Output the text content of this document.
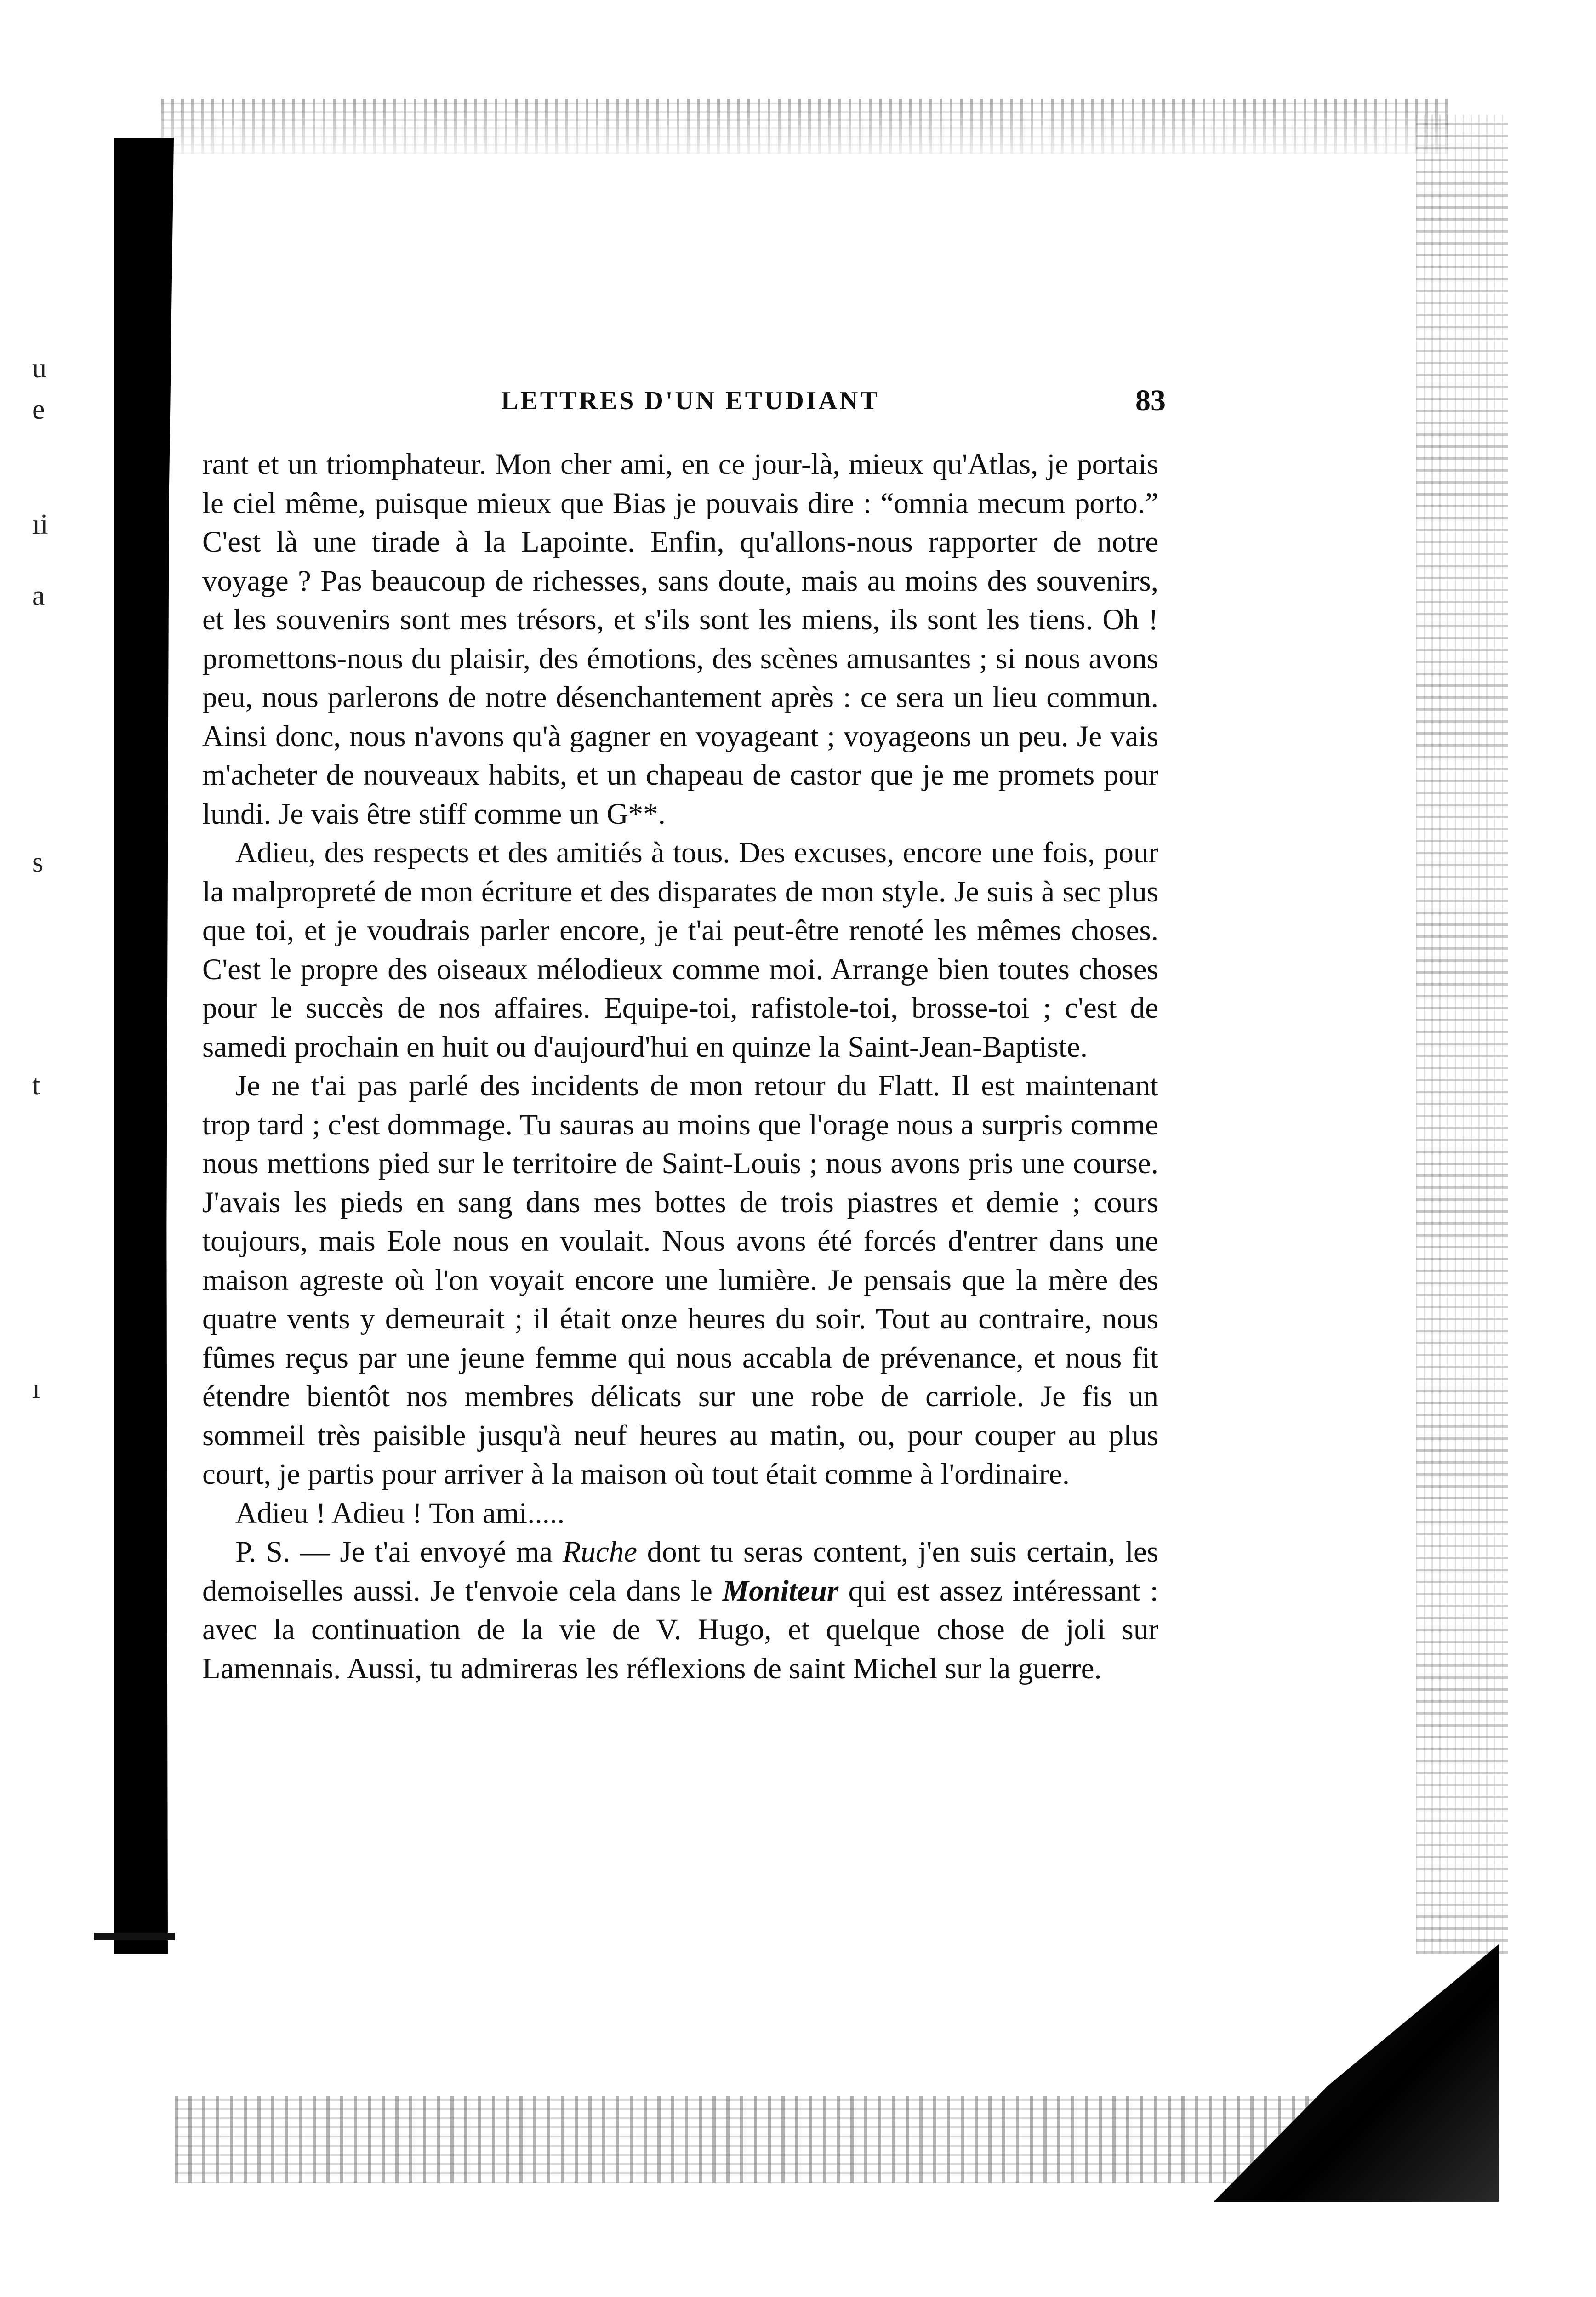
u
e
ıi
a
s
t
ı
LETTRES D'UN ETUDIANT	83

rant et un triomphateur. Mon cher ami, en ce jour-là, mieux qu'Atlas, je portais le ciel même, puisque mieux que Bias je pouvais dire : “omnia mecum porto.” C'est là une tirade à la Lapointe. Enfin, qu'allons-nous rapporter de notre voyage ? Pas beaucoup de richesses, sans doute, mais au moins des souvenirs, et les souvenirs sont mes trésors, et s'ils sont les miens, ils sont les tiens. Oh ! promettons-nous du plaisir, des émotions, des scènes amusantes ; si nous avons peu, nous parlerons de notre désenchantement après : ce sera un lieu commun. Ainsi donc, nous n'avons qu'à gagner en voyageant ; voyageons un peu. Je vais m'acheter de nouveaux habits, et un chapeau de castor que je me promets pour lundi. Je vais être stiff comme un G**.

Adieu, des respects et des amitiés à tous. Des excuses, encore une fois, pour la malpropreté de mon écriture et des disparates de mon style. Je suis à sec plus que toi, et je voudrais parler encore, je t'ai peut-être renoté les mêmes choses. C'est le propre des oiseaux mélodieux comme moi. Arrange bien toutes choses pour le succès de nos affaires. Equipe-toi, rafistole-toi, brosse-toi ; c'est de samedi prochain en huit ou d'aujourd'hui en quinze la Saint-Jean-Baptiste.

Je ne t'ai pas parlé des incidents de mon retour du Flatt. Il est maintenant trop tard ; c'est dommage. Tu sauras au moins que l'orage nous a surpris comme nous mettions pied sur le territoire de Saint-Louis ; nous avons pris une course. J'avais les pieds en sang dans mes bottes de trois piastres et demie ; cours toujours, mais Eole nous en voulait. Nous avons été forcés d'entrer dans une maison agreste où l'on voyait encore une lumière. Je pensais que la mère des quatre vents y demeurait ; il était onze heures du soir. Tout au contraire, nous fûmes reçus par une jeune femme qui nous accabla de prévenance, et nous fit étendre bientôt nos membres délicats sur une robe de carriole. Je fis un sommeil très paisible jusqu'à neuf heures au matin, ou, pour couper au plus court, je partis pour arriver à la maison où tout était comme à l'ordinaire.

Adieu ! Adieu ! Ton ami.....

P. S. — Je t'ai envoyé ma Ruche dont tu seras content, j'en suis certain, les demoiselles aussi. Je t'envoie cela dans le Moniteur qui est assez intéressant : avec la continuation de la vie de V. Hugo, et quelque chose de joli sur Lamennais. Aussi, tu admireras les réflexions de saint Michel sur la guerre.
